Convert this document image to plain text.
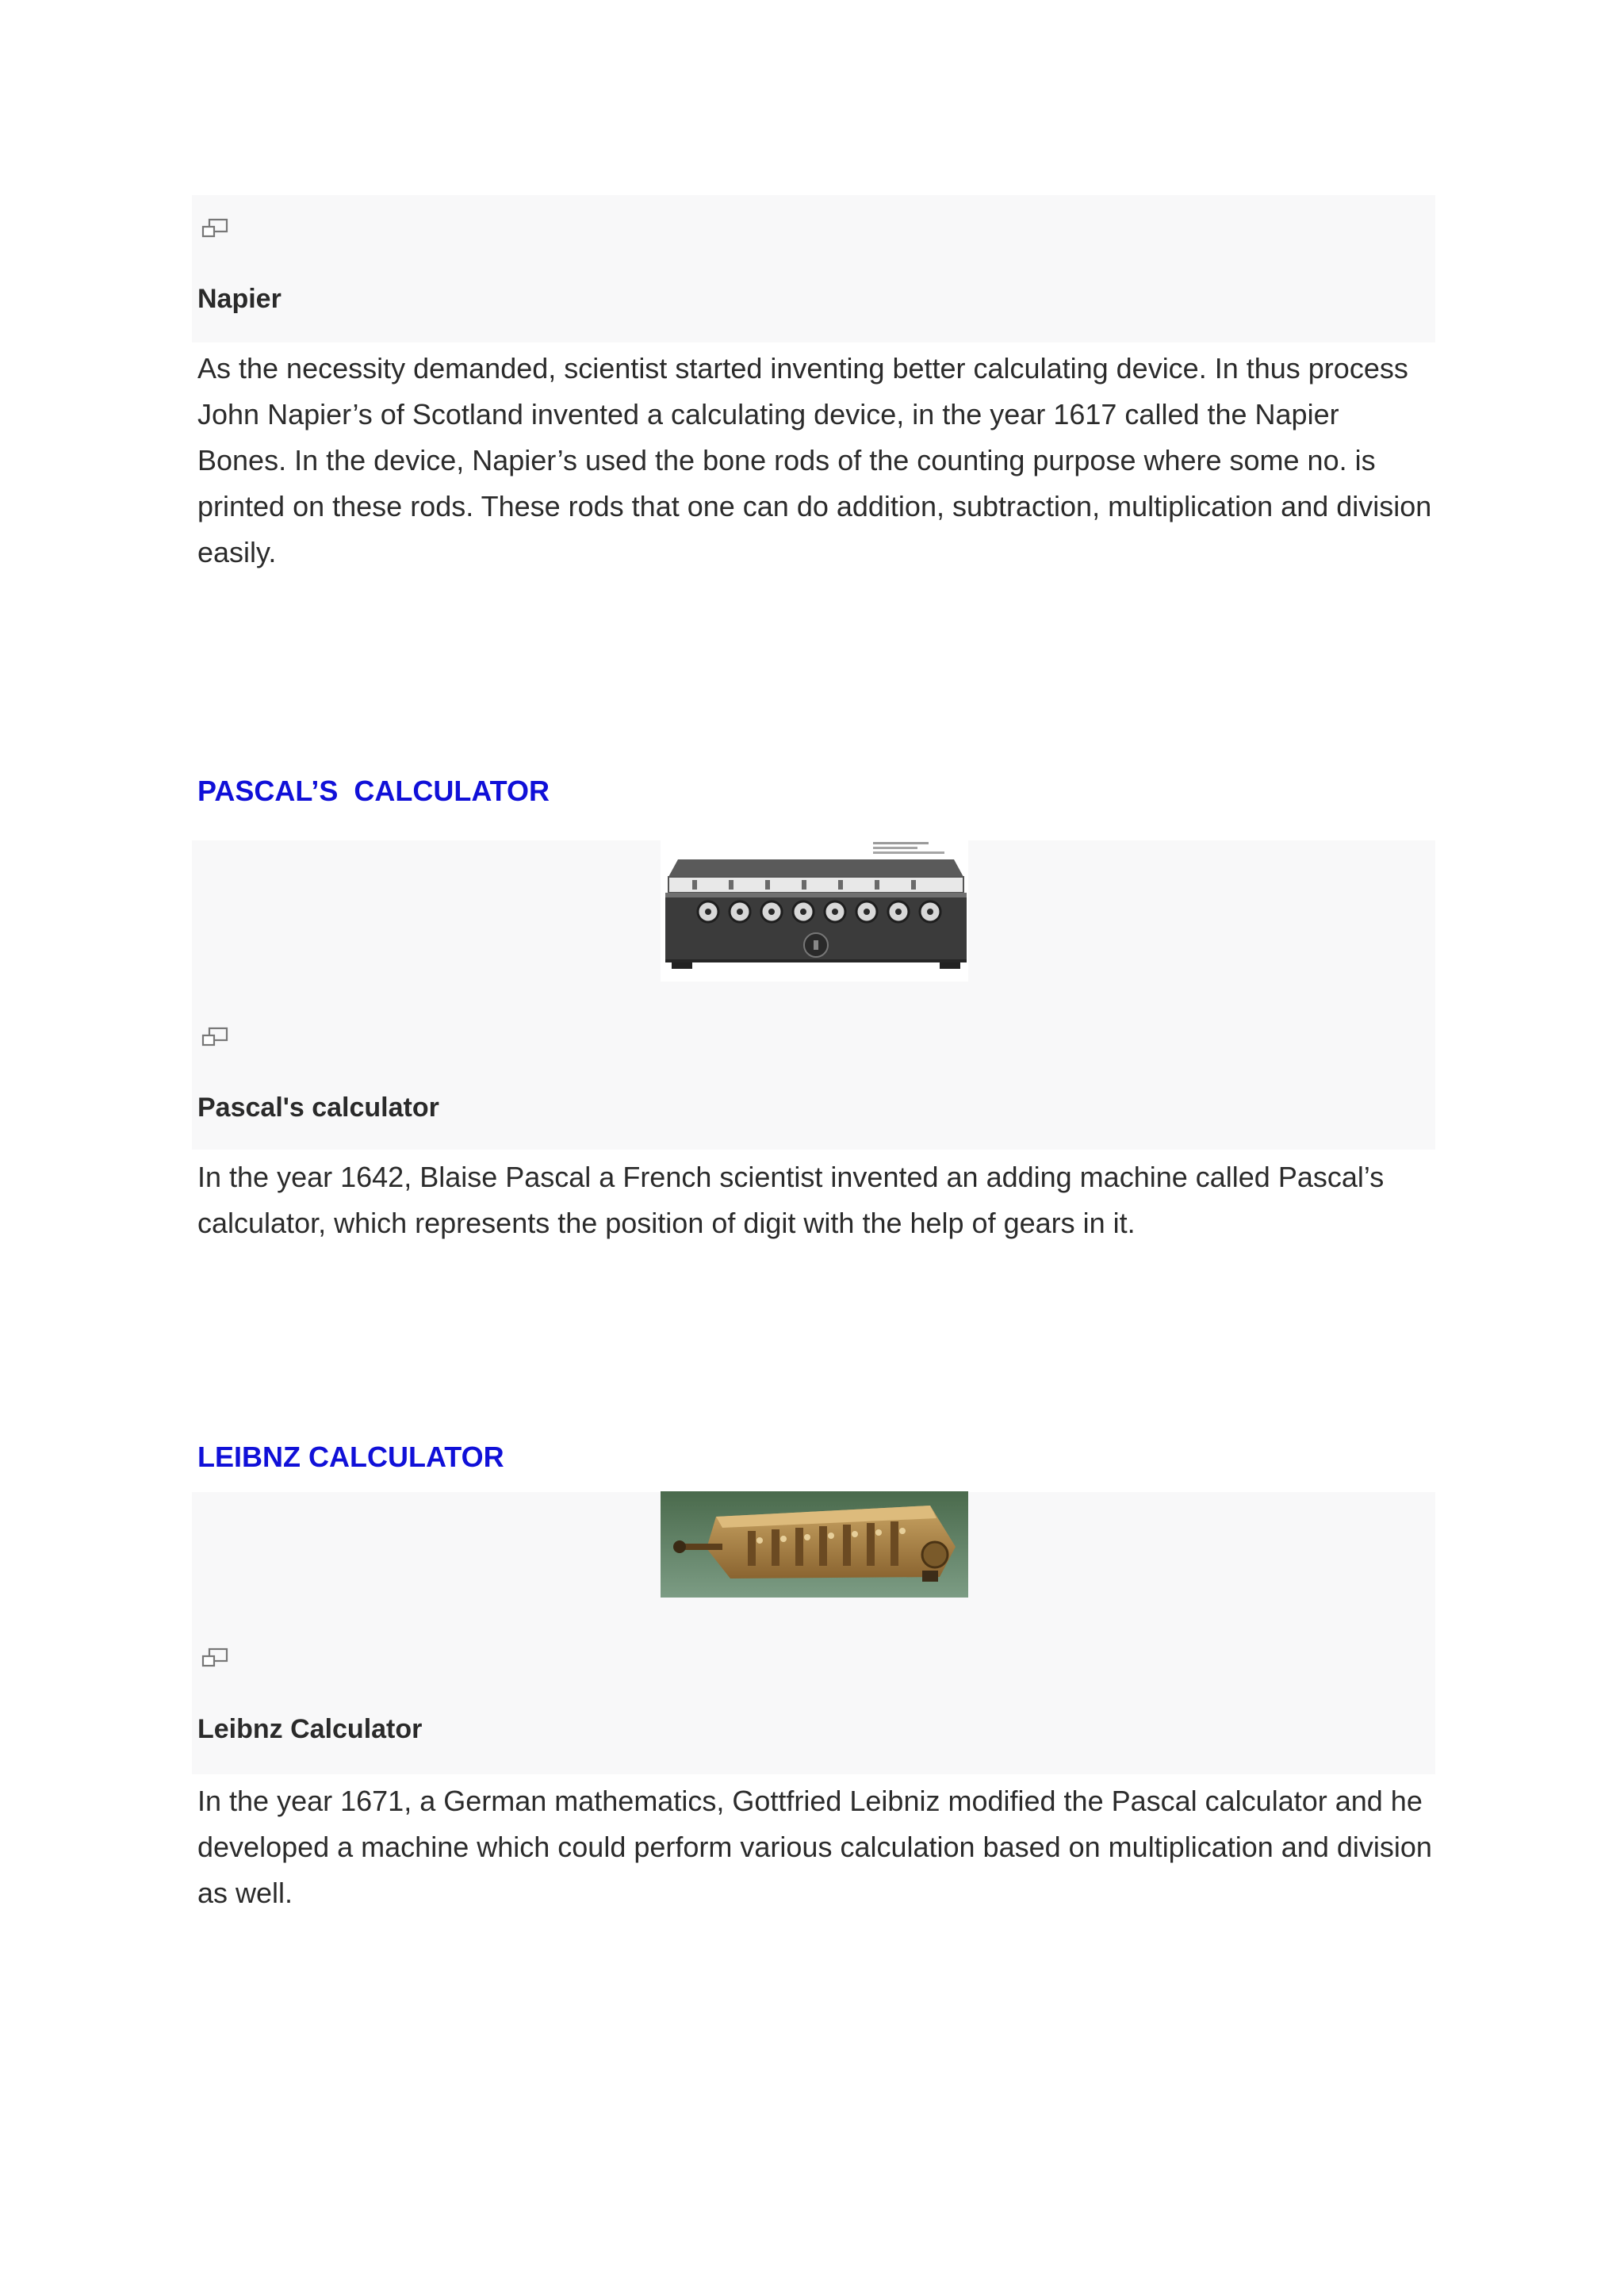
Napier

As the necessity demanded, scientist started inventing better calculating device. In thus process John Napier’s of Scotland invented a calculating device, in the year 1617 called the Napier Bones. In the device, Napier’s used the bone rods of the counting purpose where some no. is printed on these rods. These rods that one can do addition, subtraction, multiplication and division easily.

PASCAL’S  CALCULATOR

Pascal's calculator

In the year 1642, Blaise Pascal a French scientist invented an adding machine called Pascal’s calculator, which represents the position of digit with the help of gears in it.

LEIBNZ CALCULATOR

Leibnz Calculator

In the year 1671, a German mathematics, Gottfried Leibniz modified the Pascal calculator and he developed a machine which could perform various calculation based on multiplication and division as well.
